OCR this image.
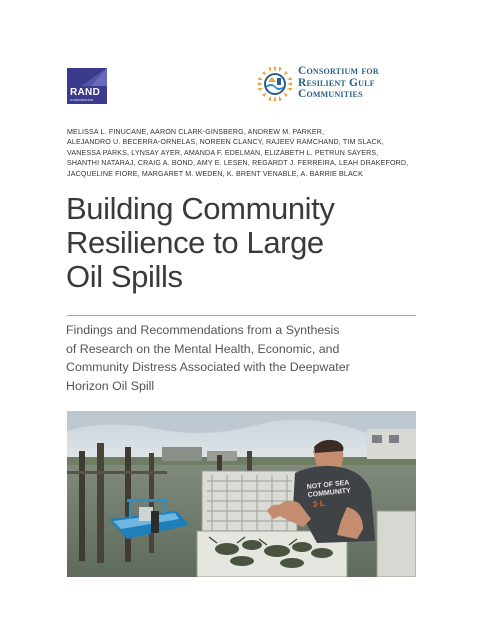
RAND
CORPORATION
Consortium for
Resilient Gulf
Communities
MELISSA L. FINUCANE, AARON CLARK-GINSBERG, ANDREW M. PARKER,
ALEJANDRO U. BECERRA-ORNELAS, NOREEN CLANCY, RAJEEV RAMCHAND, TIM SLACK,
VANESSA PARKS, LYNSAY AYER, AMANDA F. EDELMAN, ELIZABETH L. PETRUN SAYERS,
SHANTHI NATARAJ, CRAIG A. BOND, AMY E. LESEN, REGARDT J. FERREIRA, LEAH DRAKEFORD,
JACQUELINE FIORE, MARGARET M. WEDEN, K. BRENT VENABLE, A. BARRIE BLACK
Building Community
Resilience to Large
Oil Spills
Findings and Recommendations from a Synthesis
of Research on the Mental Health, Economic, and
Community Distress Associated with the Deepwater
Horizon Oil Spill
NOT OF SEA
COMMUNITY
3·L
